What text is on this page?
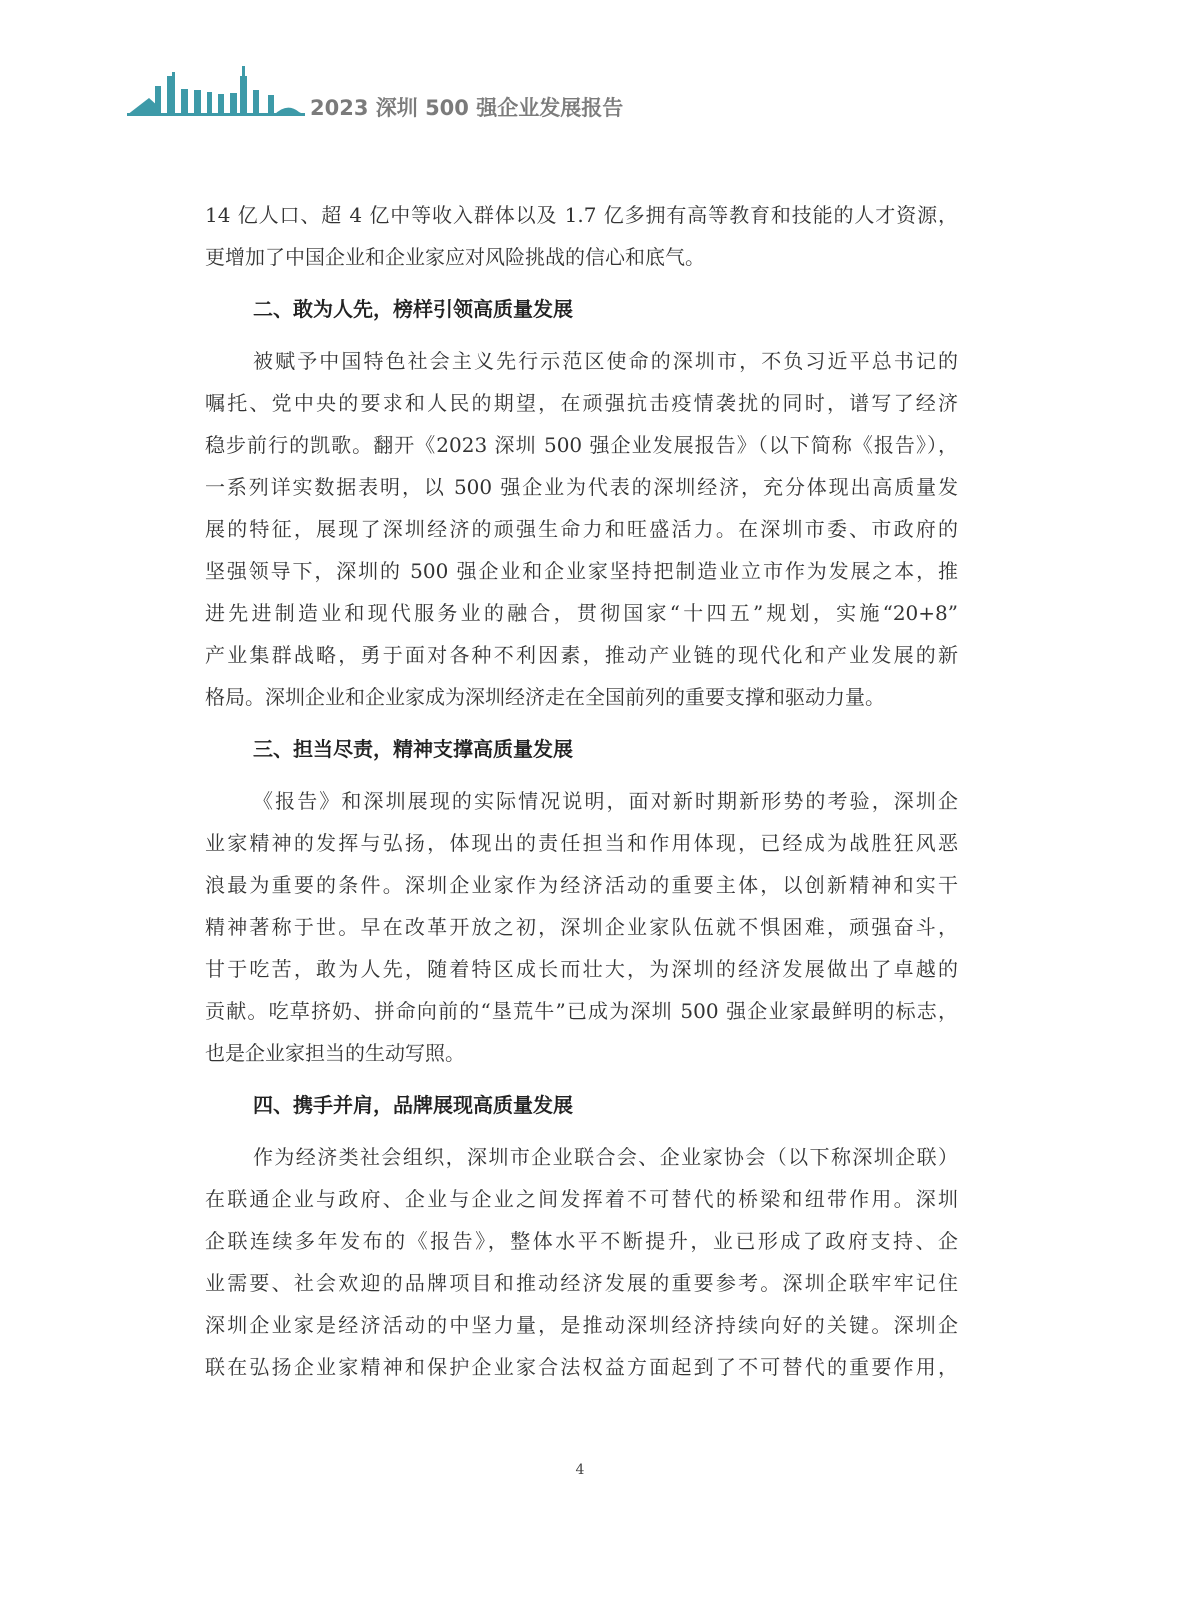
2023 深圳 500 强企业发展报告
14 亿人口、超 4 亿中等收入群体以及 1.7 亿多拥有高等教育和技能的人才资源，
更增加了中国企业和企业家应对风险挑战的信心和底气。
二、敢为人先，榜样引领高质量发展
被赋予中国特色社会主义先行示范区使命的深圳市，不负习近平总书记的
嘱托、党中央的要求和人民的期望，在顽强抗击疫情袭扰的同时，谱写了经济
稳步前行的凯歌。翻开《2023 深圳 500 强企业发展报告》（以下简称《报告》），
一系列详实数据表明，以 500 强企业为代表的深圳经济，充分体现出高质量发
展的特征，展现了深圳经济的顽强生命力和旺盛活力。在深圳市委、市政府的
坚强领导下，深圳的 500 强企业和企业家坚持把制造业立市作为发展之本，推
进先进制造业和现代服务业的融合，贯彻国家“十四五”规划，实施“20+8”
产业集群战略，勇于面对各种不利因素，推动产业链的现代化和产业发展的新
格局。深圳企业和企业家成为深圳经济走在全国前列的重要支撑和驱动力量。
三、担当尽责，精神支撑高质量发展
《报告》和深圳展现的实际情况说明，面对新时期新形势的考验，深圳企
业家精神的发挥与弘扬，体现出的责任担当和作用体现，已经成为战胜狂风恶
浪最为重要的条件。深圳企业家作为经济活动的重要主体，以创新精神和实干
精神著称于世。早在改革开放之初，深圳企业家队伍就不惧困难，顽强奋斗，
甘于吃苦，敢为人先，随着特区成长而壮大，为深圳的经济发展做出了卓越的
贡献。吃草挤奶、拼命向前的“垦荒牛”已成为深圳 500 强企业家最鲜明的标志，
也是企业家担当的生动写照。
四、携手并肩，品牌展现高质量发展
作为经济类社会组织，深圳市企业联合会、企业家协会（以下称深圳企联）
在联通企业与政府、企业与企业之间发挥着不可替代的桥梁和纽带作用。深圳
企联连续多年发布的《报告》，整体水平不断提升，业已形成了政府支持、企
业需要、社会欢迎的品牌项目和推动经济发展的重要参考。深圳企联牢牢记住
深圳企业家是经济活动的中坚力量，是推动深圳经济持续向好的关键。深圳企
联在弘扬企业家精神和保护企业家合法权益方面起到了不可替代的重要作用，
4
